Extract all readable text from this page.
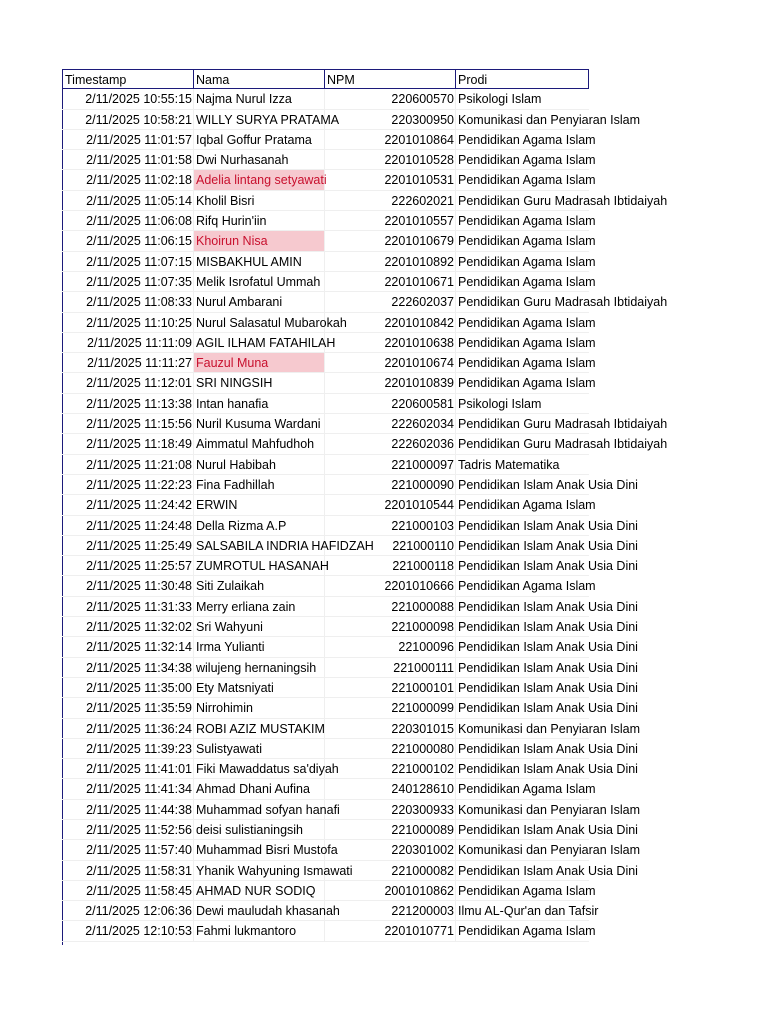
Timestamp	Nama	NPM	Prodi
2/11/2025 10:55:15 Najma Nurul Izza	220600570 Psikologi Islam
2/11/2025 10:58:21 WILLY SURYA PRATAMA	220300950 Komunikasi dan Penyiaran Islam
2/11/2025 11:01:57 Iqbal Goffur Pratama	2201010864 Pendidikan Agama Islam
2/11/2025 11:01:58 Dwi Nurhasanah	2201010528 Pendidikan Agama Islam
2/11/2025 11:02:18 Adelia lintang setyawati	2201010531 Pendidikan Agama Islam
2/11/2025 11:05:14 Kholil Bisri	222602021 Pendidikan Guru Madrasah Ibtidaiyah
2/11/2025 11:06:08 Rifq Hurin'iin	2201010557 Pendidikan Agama Islam
2/11/2025 11:06:15 Khoirun Nisa	2201010679 Pendidikan Agama Islam
2/11/2025 11:07:15 MISBAKHUL AMIN	2201010892 Pendidikan Agama Islam
2/11/2025 11:07:35 Melik Isrofatul Ummah	2201010671 Pendidikan Agama Islam
2/11/2025 11:08:33 Nurul Ambarani	222602037 Pendidikan Guru Madrasah Ibtidaiyah
2/11/2025 11:10:25 Nurul Salasatul Mubarokah	2201010842 Pendidikan Agama Islam
2/11/2025 11:11:09 AGIL ILHAM FATAHILAH	2201010638 Pendidikan Agama Islam
2/11/2025 11:11:27 Fauzul Muna	2201010674 Pendidikan Agama Islam
2/11/2025 11:12:01 SRI NINGSIH	2201010839 Pendidikan Agama Islam
2/11/2025 11:13:38 Intan hanafia	220600581 Psikologi Islam
2/11/2025 11:15:56 Nuril Kusuma Wardani	222602034 Pendidikan Guru Madrasah Ibtidaiyah
2/11/2025 11:18:49 Aimmatul Mahfudhoh	222602036 Pendidikan Guru Madrasah Ibtidaiyah
2/11/2025 11:21:08 Nurul Habibah	221000097 Tadris Matematika
2/11/2025 11:22:23 Fina Fadhillah	221000090 Pendidikan Islam Anak Usia Dini
2/11/2025 11:24:42 ERWIN	2201010544 Pendidikan Agama Islam
2/11/2025 11:24:48 Della Rizma A.P	221000103 Pendidikan Islam Anak Usia Dini
2/11/2025 11:25:49 SALSABILA INDRIA HAFIDZAH	221000110 Pendidikan Islam Anak Usia Dini
2/11/2025 11:25:57 ZUMROTUL HASANAH	221000118 Pendidikan Islam Anak Usia Dini
2/11/2025 11:30:48 Siti Zulaikah	2201010666 Pendidikan Agama Islam
2/11/2025 11:31:33 Merry erliana zain	221000088 Pendidikan Islam Anak Usia Dini
2/11/2025 11:32:02 Sri Wahyuni	221000098 Pendidikan Islam Anak Usia Dini
2/11/2025 11:32:14 Irma Yulianti	22100096 Pendidikan Islam Anak Usia Dini
2/11/2025 11:34:38 wilujeng hernaningsih	221000111 Pendidikan Islam Anak Usia Dini
2/11/2025 11:35:00 Ety Matsniyati	221000101 Pendidikan Islam Anak Usia Dini
2/11/2025 11:35:59 Nirrohimin	221000099 Pendidikan Islam Anak Usia Dini
2/11/2025 11:36:24 ROBI AZIZ MUSTAKIM	220301015 Komunikasi dan Penyiaran Islam
2/11/2025 11:39:23 Sulistyawati	221000080 Pendidikan Islam Anak Usia Dini
2/11/2025 11:41:01 Fiki Mawaddatus sa'diyah	221000102 Pendidikan Islam Anak Usia Dini
2/11/2025 11:41:34 Ahmad Dhani Aufina	240128610 Pendidikan Agama Islam
2/11/2025 11:44:38 Muhammad sofyan hanafi	220300933 Komunikasi dan Penyiaran Islam
2/11/2025 11:52:56 deisi sulistianingsih	221000089 Pendidikan Islam Anak Usia Dini
2/11/2025 11:57:40 Muhammad Bisri Mustofa	220301002 Komunikasi dan Penyiaran Islam
2/11/2025 11:58:31 Yhanik Wahyuning Ismawati	221000082 Pendidikan Islam Anak Usia Dini
2/11/2025 11:58:45 AHMAD NUR SODIQ	2001010862 Pendidikan Agama Islam
2/11/2025 12:06:36 Dewi mauludah khasanah	221200003 Ilmu AL-Qur'an dan Tafsir
2/11/2025 12:10:53 Fahmi lukmantoro	2201010771 Pendidikan Agama Islam
